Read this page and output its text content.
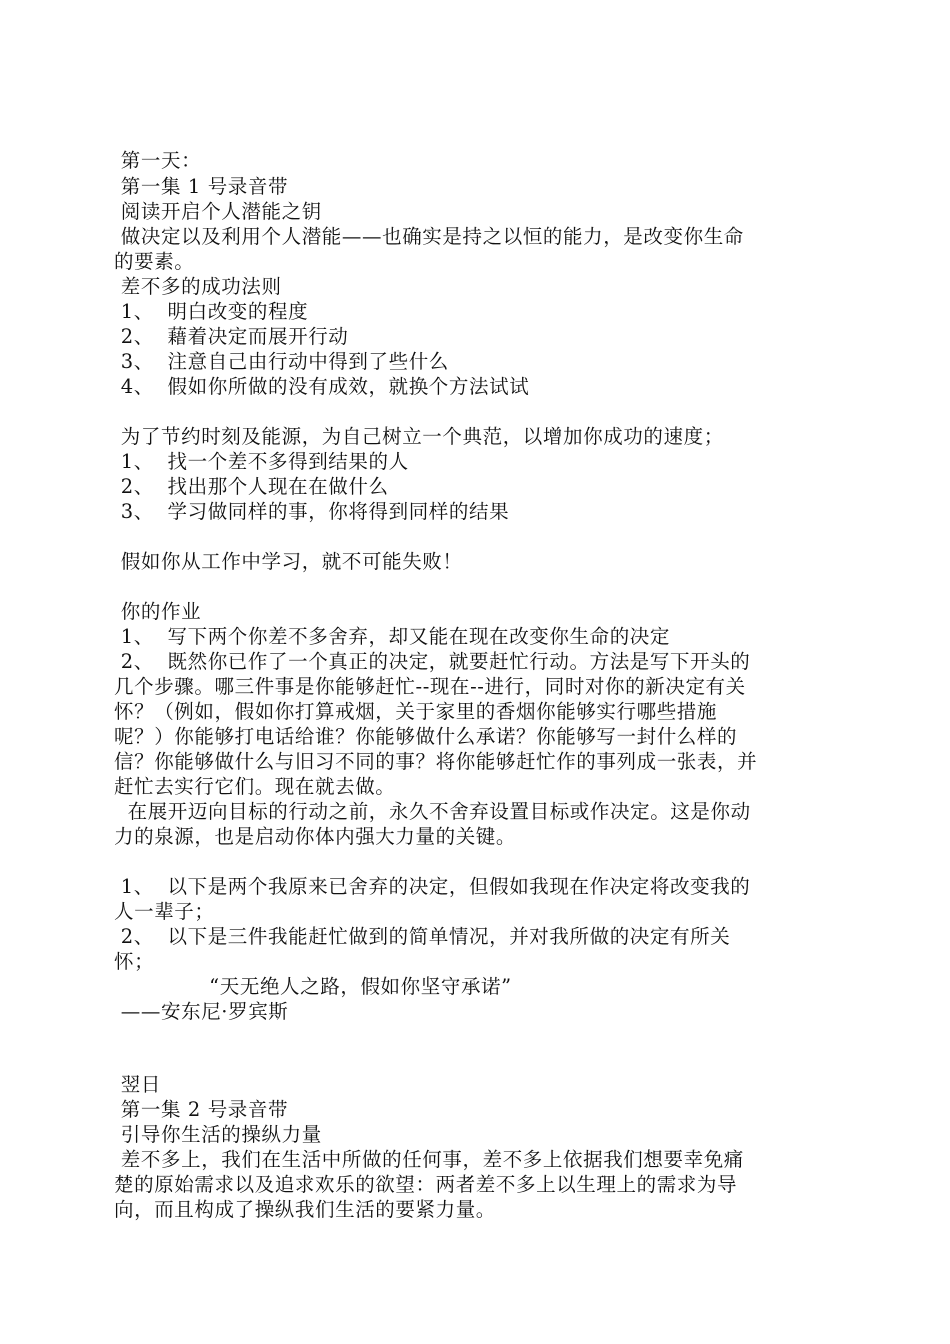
第一天：
第一集 1 号录音带
阅读开启个人潜能之钥
做决定以及利用个人潜能——也确实是持之以恒的能力，是改变你生命
的要素。
差不多的成功法则
1、  明白改变的程度
2、  藉着决定而展开行动
3、  注意自己由行动中得到了些什么
4、  假如你所做的没有成效，就换个方法试试
为了节约时刻及能源，为自己树立一个典范，以增加你成功的速度；
1、  找一个差不多得到结果的人
2、  找出那个人现在在做什么
3、  学习做同样的事，你将得到同样的结果
假如你从工作中学习，就不可能失败！
你的作业
1、  写下两个你差不多舍弃，却又能在现在改变你生命的决定
2、  既然你已作了一个真正的决定，就要赶忙行动。方法是写下开头的
几个步骤。哪三件事是你能够赶忙--现在--进行，同时对你的新决定有关
怀？（例如，假如你打算戒烟，关于家里的香烟你能够实行哪些措施
呢？）你能够打电话给谁？你能够做什么承诺？你能够写一封什么样的
信？你能够做什么与旧习不同的事？将你能够赶忙作的事列成一张表，并
赶忙去实行它们。现在就去做。
在展开迈向目标的行动之前，永久不舍弃设置目标或作决定。这是你动
力的泉源，也是启动你体内强大力量的关键。
1、  以下是两个我原来已舍弃的决定，但假如我现在作决定将改变我的
人一辈子；
2、  以下是三件我能赶忙做到的简单情况，并对我所做的决定有所关
怀；
“天无绝人之路，假如你坚守承诺”
——安东尼·罗宾斯
翌日
第一集 2 号录音带
引导你生活的操纵力量
差不多上，我们在生活中所做的任何事，差不多上依据我们想要幸免痛
楚的原始需求以及追求欢乐的欲望：两者差不多上以生理上的需求为导
向，而且构成了操纵我们生活的要紧力量。
